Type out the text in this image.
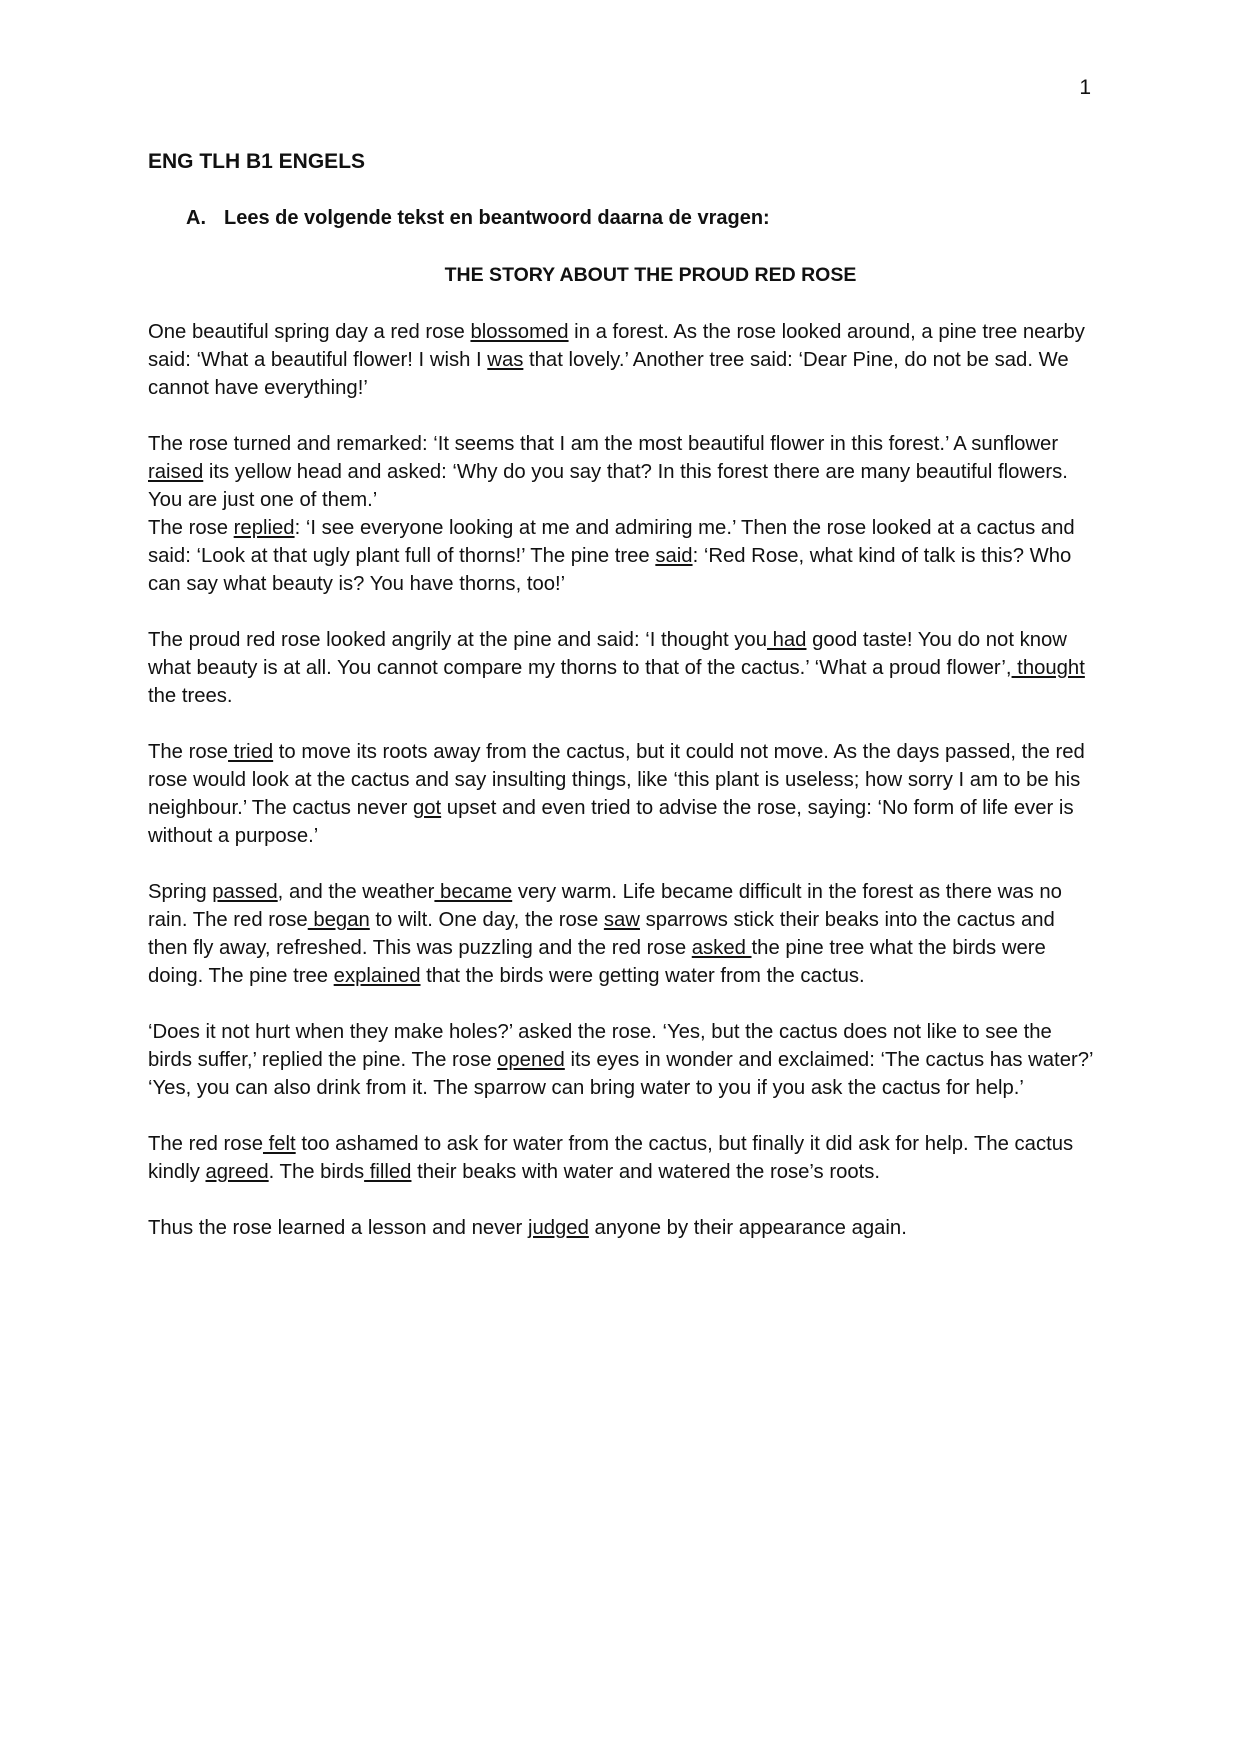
1
ENG TLH B1 ENGELS
A. Lees de volgende tekst en beantwoord daarna de vragen:
THE STORY ABOUT THE PROUD RED ROSE

One beautiful spring day a red rose blossomed in a forest. As the rose looked around, a pine tree nearby said: ‘What a beautiful flower! I wish I was that lovely.’ Another tree said: ‘Dear Pine, do not be sad. We cannot have everything!’

The rose turned and remarked: ‘It seems that I am the most beautiful flower in this forest.’ A sunflower raised its yellow head and asked: ‘Why do you say that? In this forest there are many beautiful flowers. You are just one of them.’

The rose replied: ‘I see everyone looking at me and admiring me.’ Then the rose looked at a cactus and said: ‘Look at that ugly plant full of thorns!’ The pine tree said: ‘Red Rose, what kind of talk is this? Who can say what beauty is? You have thorns, too!’

The proud red rose looked angrily at the pine and said: ‘I thought you had good taste! You do not know what beauty is at all. You cannot compare my thorns to that of the cactus.’ ‘What a proud flower’, thought the trees.

The rose tried to move its roots away from the cactus, but it could not move. As the days passed, the red rose would look at the cactus and say insulting things, like ‘this plant is useless; how sorry I am to be his neighbour.’ The cactus never got upset and even tried to advise the rose, saying: ‘No form of life ever is without a purpose.’

Spring passed, and the weather became very warm. Life became difficult in the forest as there was no rain. The red rose began to wilt. One day, the rose saw sparrows stick their beaks into the cactus and then fly away, refreshed. This was puzzling and the red rose asked the pine tree what the birds were doing. The pine tree explained that the birds were getting water from the cactus.

‘Does it not hurt when they make holes?’ asked the rose. ‘Yes, but the cactus does not like to see the birds suffer,’ replied the pine. The rose opened its eyes in wonder and exclaimed: ‘The cactus has water?’ ‘Yes, you can also drink from it. The sparrow can bring water to you if you ask the cactus for help.’

The red rose felt too ashamed to ask for water from the cactus, but finally it did ask for help. The cactus kindly agreed. The birds filled their beaks with water and watered the rose’s roots.

Thus the rose learned a lesson and never judged anyone by their appearance again.
